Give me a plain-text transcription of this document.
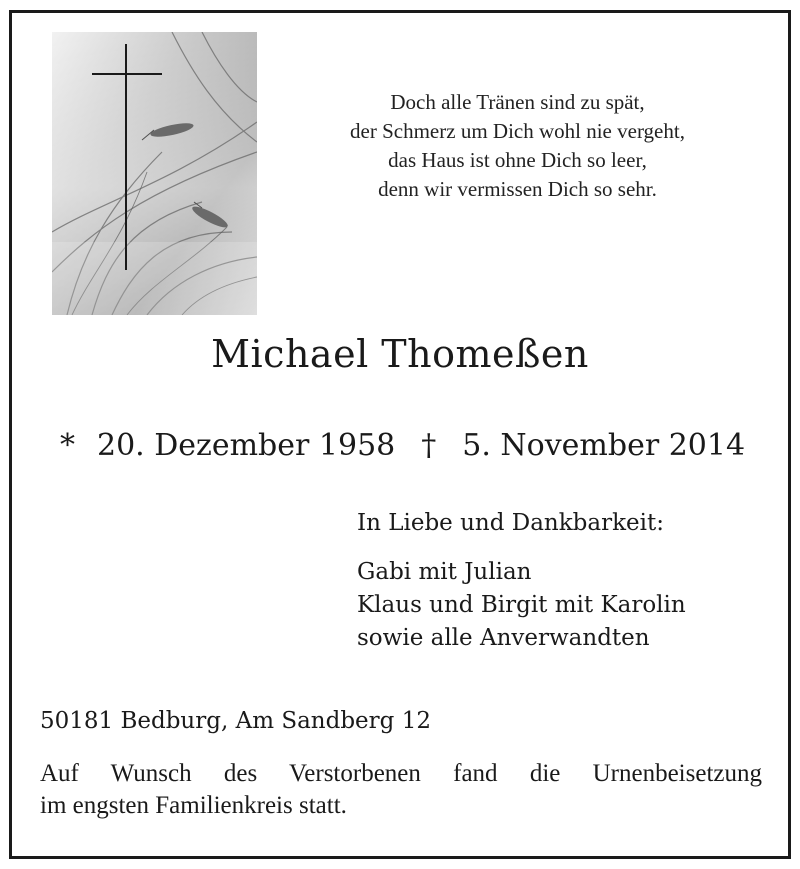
Doch alle Tränen sind zu spät,
der Schmerz um Dich wohl nie vergeht,
das Haus ist ohne Dich so leer,
denn wir vermissen Dich so sehr.
Michael Thomeßen
* 20. Dezember 1958 † 5. November 2014
In Liebe und Dankbarkeit:
Gabi mit Julian
Klaus und Birgit mit Karolin
sowie alle Anverwandten
50181 Bedburg, Am Sandberg 12
Auf Wunsch des Verstorbenen fand die Urnenbeisetzung
im engsten Familienkreis statt.
